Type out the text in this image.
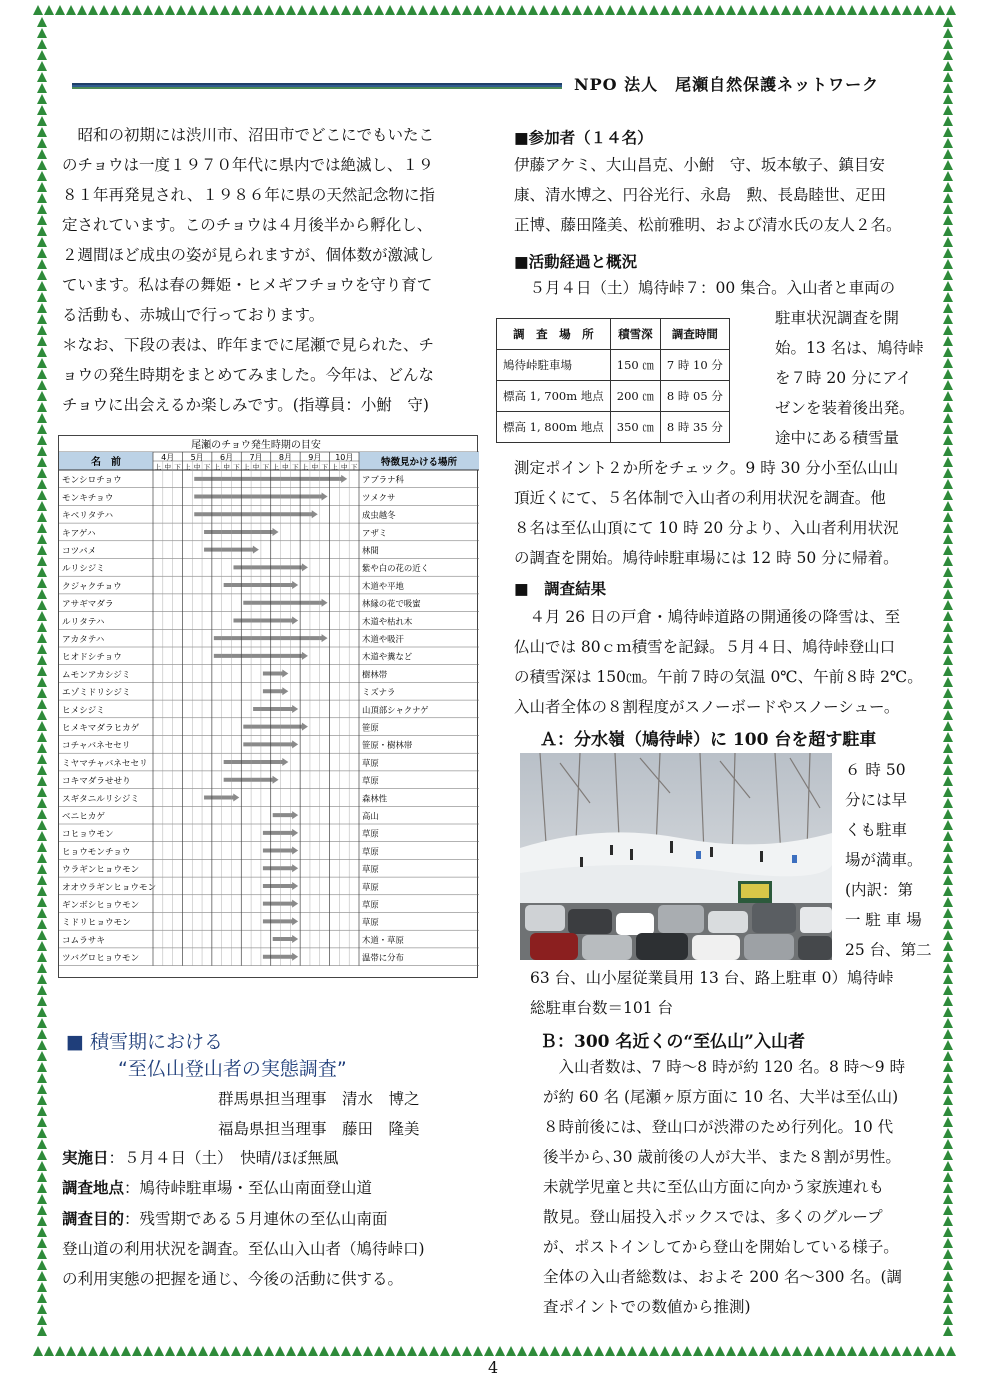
NPO 法人　尾瀬自然保護ネットワーク
　昭和の初期には渋川市、沼田市でどこにでもいたこ
のチョウは一度１９７０年代に県内では絶滅し、１９
８１年再発見され、１９８６年に県の天然記念物に指
定されています。このチョウは４月後半から孵化し、
２週間ほど成虫の姿が見られますが、個体数が激減し
ています。私は春の舞姫・ヒメギフチョウを守り育て
る活動も、赤城山で行っております。
＊なお、下段の表は、昨年までに尾瀬で見られた、チ
ョウの発生時期をまとめてみました。今年は、どんな
チョウに出会えるか楽しみです。(指導員：小鮒　守)
尾瀬のチョウ発生時期の目安
名　前	特徴見かける場所
4月
上 中 下
5月
上 中 下
6月
上 中 下
7月
上 中 下
8月
上 中 下
9月
上 中 下
10月
上 中 下
モンシロチョウ	アブラナ科
モンキチョウ	ツメクサ
キベリタテハ	成虫越冬
キアゲハ	アザミ
コツバメ	林間
ルリシジミ	紫や白の花の近く
クジャクチョウ	木道や平地
アサギマダラ	林縁の花で吸蜜
ルリタテハ	木道や枯れ木
アカタテハ	木道や吸汗
ヒオドシチョウ	木道や糞など
ムモンアカシジミ	樹林帯
エゾミドリシジミ	ミズナラ
ヒメシジミ	山頂部シャクナゲ
ヒメキマダラヒカゲ	笹原
コチャバネセセリ	笹原・樹林帯
ミヤマチャバネセセリ	草原
コキマダラせせり	草原
スギタニルリシジミ	森林性
ベニヒカゲ	高山
コヒョウモン	草原
ヒョウモンチョウ	草原
ウラギンヒョウモン	草原
オオウラギンヒョウモン	草原
ギンボシヒョウモン	草原
ミドリヒョウモン	草原
コムラサキ	木道・草原
ツバグロヒョウモン	温帯に分布
■ 積雪期における
“至仏山登山者の実態調査”
群馬県担当理事　清水　博之
福島県担当理事　藤田　隆美
実施日：５月４日（土）　快晴/ほぼ無風
調査地点：鳩待峠駐車場・至仏山南面登山道
調査目的：残雪期である５月連休の至仏山南面
登山道の利用状況を調査。至仏山入山者（鳩待峠口)
の利用実態の把握を通じ、今後の活動に供する。
■参加者（１４名）
伊藤アケミ、大山昌克、小鮒　守、坂本敏子、鎮目安
康、清水博之、円谷光行、永島　勲、長島睦世、疋田
正博、藤田隆美、松前雅明、および清水氏の友人２名。
■活動経過と概況
　５月４日（土）鳩待峠７：00 集合。入山者と車両の
調　査　場　所	積雪深	調査時間
鳩待峠駐車場	150 ㎝	7 時 10 分
標高 1, 700m 地点	200 ㎝	8 時 05 分
標高 1, 800m 地点	350 ㎝	8 時 35 分
駐車状況調査を開
始。13 名は、鳩待峠
を７時 20 分にアイ
ゼンを装着後出発。
途中にある積雪量
測定ポイント２か所をチェック。9 時 30 分小至仏山山
頂近くにて、５名体制で入山者の利用状況を調査。他
８名は至仏山頂にて 10 時 20 分より、入山者利用状況
の調査を開始。鳩待峠駐車場には 12 時 50 分に帰着。
■　調査結果
　４月 26 日の戸倉・鳩待峠道路の開通後の降雪は、至
仏山では 80ｃｍ積雪を記録。５月４日、鳩待峠登山口
の積雪深は 150㎝。午前７時の気温 0℃、午前８時 2℃。
入山者全体の８割程度がスノーボードやスノーシュー。
Ａ：分水嶺（鳩待峠）に 100 台を超す駐車
６ 時 50
分には早
くも駐車
場が満車。
(内訳：第
一 駐 車 場
25 台、第二
63 台、山小屋従業員用 13 台、路上駐車 0）鳩待峠
総駐車台数＝101 台
Ｂ：300 名近くの“至仏山”入山者
　入山者数は、7 時～8 時が約 120 名。8 時～9 時
が約 60 名 (尾瀬ヶ原方面に 10 名、大半は至仏山)
８時前後には、登山口が渋滞のため行列化。10 代
後半から､30 歳前後の人が大半、また８割が男性。
未就学児童と共に至仏山方面に向かう家族連れも
散見。登山届投入ボックスでは、多くのグループ
が、ポストインしてから登山を開始している様子。
全体の入山者総数は、およそ 200 名～300 名。(調
査ポイントでの数値から推測)
4
